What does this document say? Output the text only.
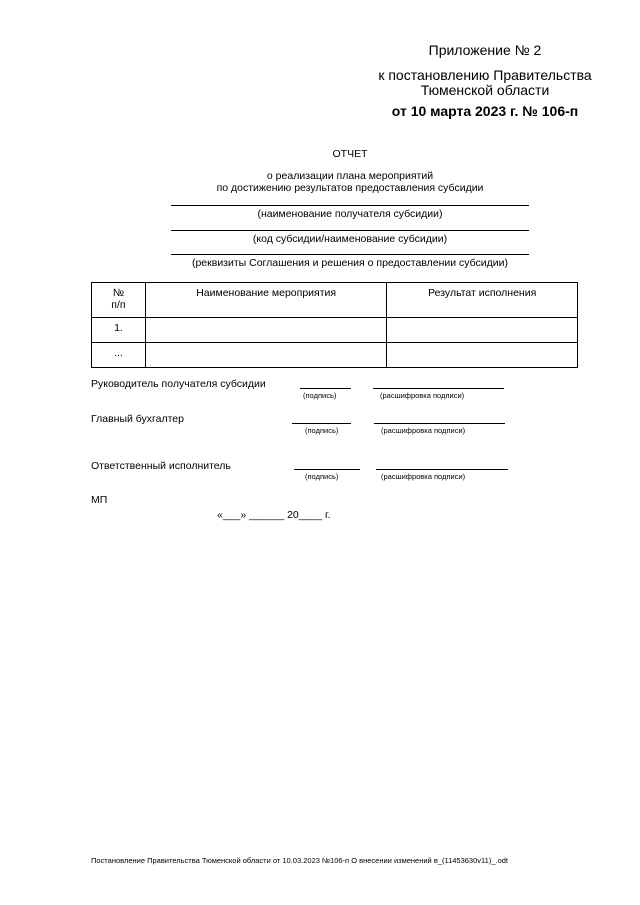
Приложение № 2
к постановлению Правительства
Тюменской области
от 10 марта 2023 г. № 106-п
ОТЧЕТ
о реализации плана мероприятий
по достижению результатов предоставления субсидии
(наименование получателя субсидии)
(код субсидии/наименование субсидии)
(реквизиты Соглашения и решения о предоставлении субсидии)
№
п/п	Наименование мероприятия	Результат исполнения
1.		
...		
Руководитель получателя субсидии
(подпись)	(расшифровка подписи)
Главный бухгалтер
(подпись)	(расшифровка подписи)
Ответственный исполнитель
(подпись)	(расшифровка подписи)
МП
«___» ______ 20____ г.
Постановление Правительства Тюменской области от 10.03.2023 №106-п О внесении изменений в_(11453630v11)_.odt
